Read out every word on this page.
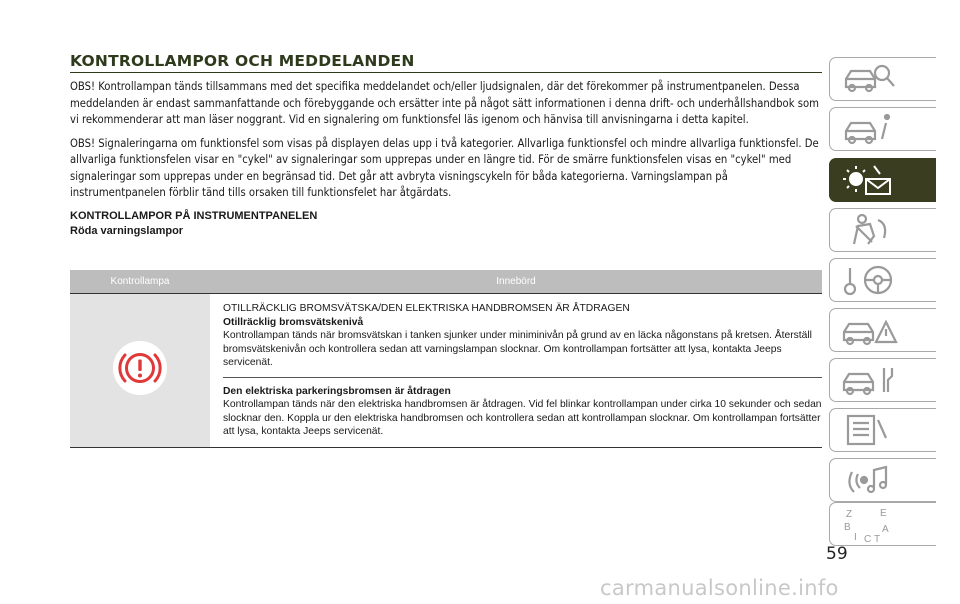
KONTROLLAMPOR OCH MEDDELANDEN

OBS! Kontrollampan tänds tillsammans med det specifika meddelandet och/eller ljudsignalen, där det förekommer på instrumentpanelen. Dessa meddelanden är endast sammanfattande och förebyggande och ersätter inte på något sätt informationen i denna drift- och underhållshandbok som vi rekommenderar att man läser noggrant. Vid en signalering om funktionsfel läs igenom och hänvisa till anvisningarna i detta kapitel.

OBS! Signaleringarna om funktionsfel som visas på displayen delas upp i två kategorier. Allvarliga funktionsfel och mindre allvarliga funktionsfel. De allvarliga funktionsfelen visar en "cykel" av signaleringar som upprepas under en längre tid. För de smärre funktionsfelen visas en "cykel" med signaleringar som upprepas under en begränsad tid. Det går att avbryta visningscykeln för båda kategorierna. Varningslampan på instrumentpanelen förblir tänd tills orsaken till funktionsfelet har åtgärdats.

KONTROLLAMPOR PÅ INSTRUMENTPANELEN
Röda varningslampor
Kontrollampa	Innebörd

OTILLRÄCKLIG BROMSVÄTSKA/DEN ELEKTRISKA HANDBROMSEN ÄR ÅTDRAGEN
Otillräcklig bromsvätskenivå
Kontrollampan tänds när bromsvätskan i tanken sjunker under miniminivån på grund av en läcka någonstans på kretsen. Återställ bromsvätskenivån och kontrollera sedan att varningslampan slocknar. Om kontrollampan fortsätter att lysa, kontakta Jeeps servicenät.
Den elektriska parkeringsbromsen är åtdragen
Kontrollampan tänds när den elektriska handbromsen är åtdragen. Vid fel blinkar kontrollampan under cirka 10 sekunder och sedan slocknar den. Koppla ur den elektriska handbromsen och kontrollera sedan att kontrollampan slocknar. Om kontrollampan fortsätter att lysa, kontakta Jeeps servicenät.
Z	E
B	A
I C T
59
carmanualsonline.info
